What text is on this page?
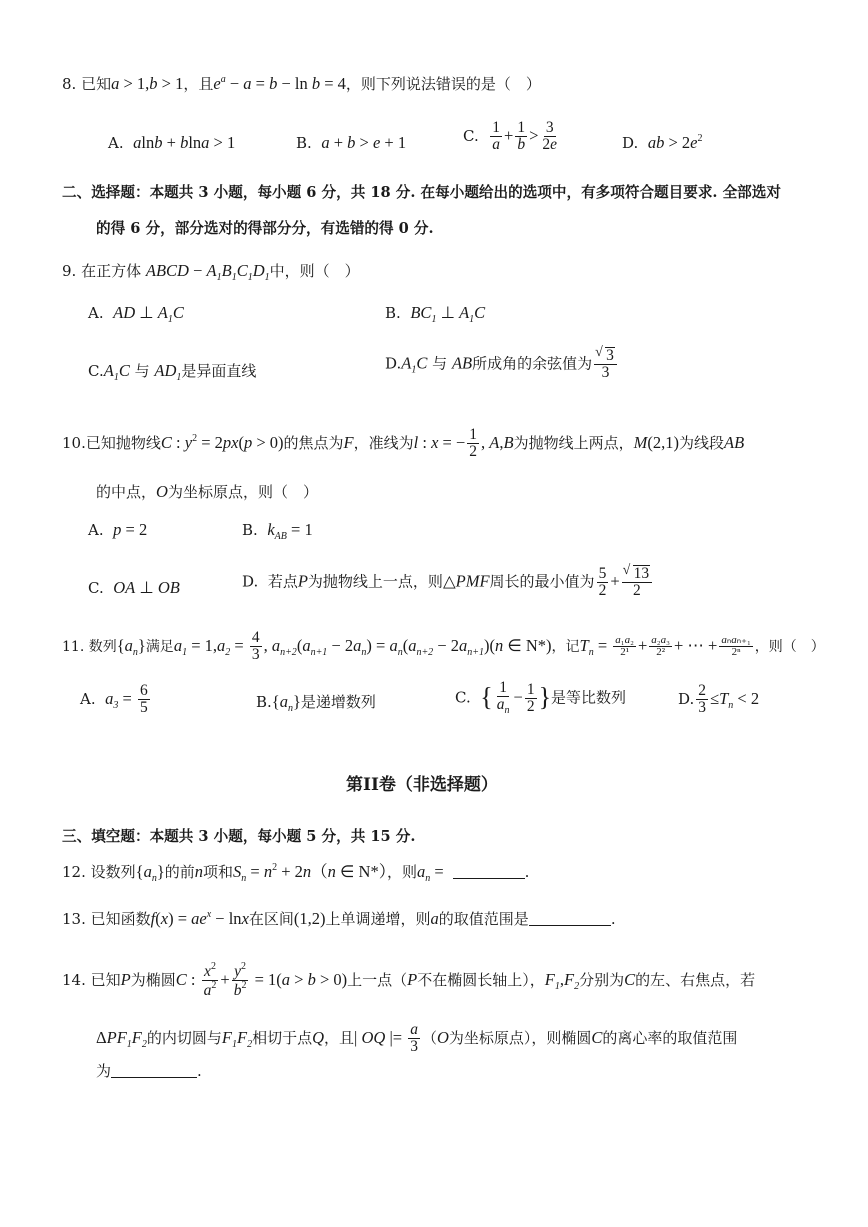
8. 已知a > 1,b > 1，且$e^a - a = b - \ln b = 4$，则下列说法错误的是（　）
A. alnb + blna > 1	B. a + b > e + 1	C. $\frac{1}{a} + \frac{1}{b} > \frac{3}{2e}$	D. ab > $2e^2$
二、选择题：本题共 3 小题，每小题 6 分，共 18 分. 在每小题给出的选项中，有多项符合题目要求. 全部选对
的得 6 分，部分选对的得部分分，有选错的得 0 分.
9. 在正方体 ABCD − $A_1B_1C_1D_1$中，则（　）
A. AD ⊥ $A_1C$	B. $BC_1$ ⊥ $A_1C$
$C.A_1C$ 与 $AD_1$是异面直线	$D.A_1C$ 与 AB所成角的余弦值为 √ $\frac{3}{3}$
10.已知抛物线C : $y^2 = 2px(p > 0)$的焦点为F，准线为l : x = − $\frac{1}{2}$ , A,B为抛物线上两点，M(2,1)为线段AB
的中点，O为坐标原点，则（　）
A. p = 2	B. $k_{AB} = 1$
C. OA ⊥ OB	D. 若点P为抛物线上一点，则△PMF周长的最小值为 $\frac{5}{2}$ + √ $\frac{13}{2}$
11. 数列$\{a_n\}$满足$a_1 = 1,a_2 = \frac{4}{3}$ , $a_{n+2}(a_{n+1} - 2a_n) = a_n(a_{n+2} - 2a_{n+1})(n$ ∈ N*)，记$T_n = \frac{\text{a₁a₂}}{\text{2¹}} + \frac{\text{a₂a₃}}{\text{2²}}$ + ⋯ + $\frac{\text{aₙaₙ₊₁}}{\text{2ⁿ}}$ ，则（　）
A. $a_3 = \frac{6}{5}$	$B.\{a_n\}$是递增数列	C. { $\frac{1}{a_n} - \frac{1}{2}$ }是等比数列	D. $\frac{2}{3} \le T_n < 2$
第II卷（非选择题）
三、填空题：本题共 3 小题，每小题 5 分，共 15 分.
12. 设数列$\{a_n\}$的前n项和$S_n = n^2 + 2n(n$ ∈ N*），则$a_n$ =	.
13. 已知函数$f(x) = ae^x - \ln x$在区间(1,2)上单调递增，则a的取值范围是	.
14. 已知P为椭圆C : $\frac{x^2}{a^2} + \frac{y^2}{b^2} = 1(a > b > 0)$上一点（P不在椭圆长轴上），$F_1,F_2$分别为C的左、右焦点，若
$\Delta PF_1F_2$的内切圆与$F_1F_2$相切于点Q，且| OQ |= $\frac{a}{3} (O$为坐标原点），则椭圆C的离心率的取值范围
为	.
